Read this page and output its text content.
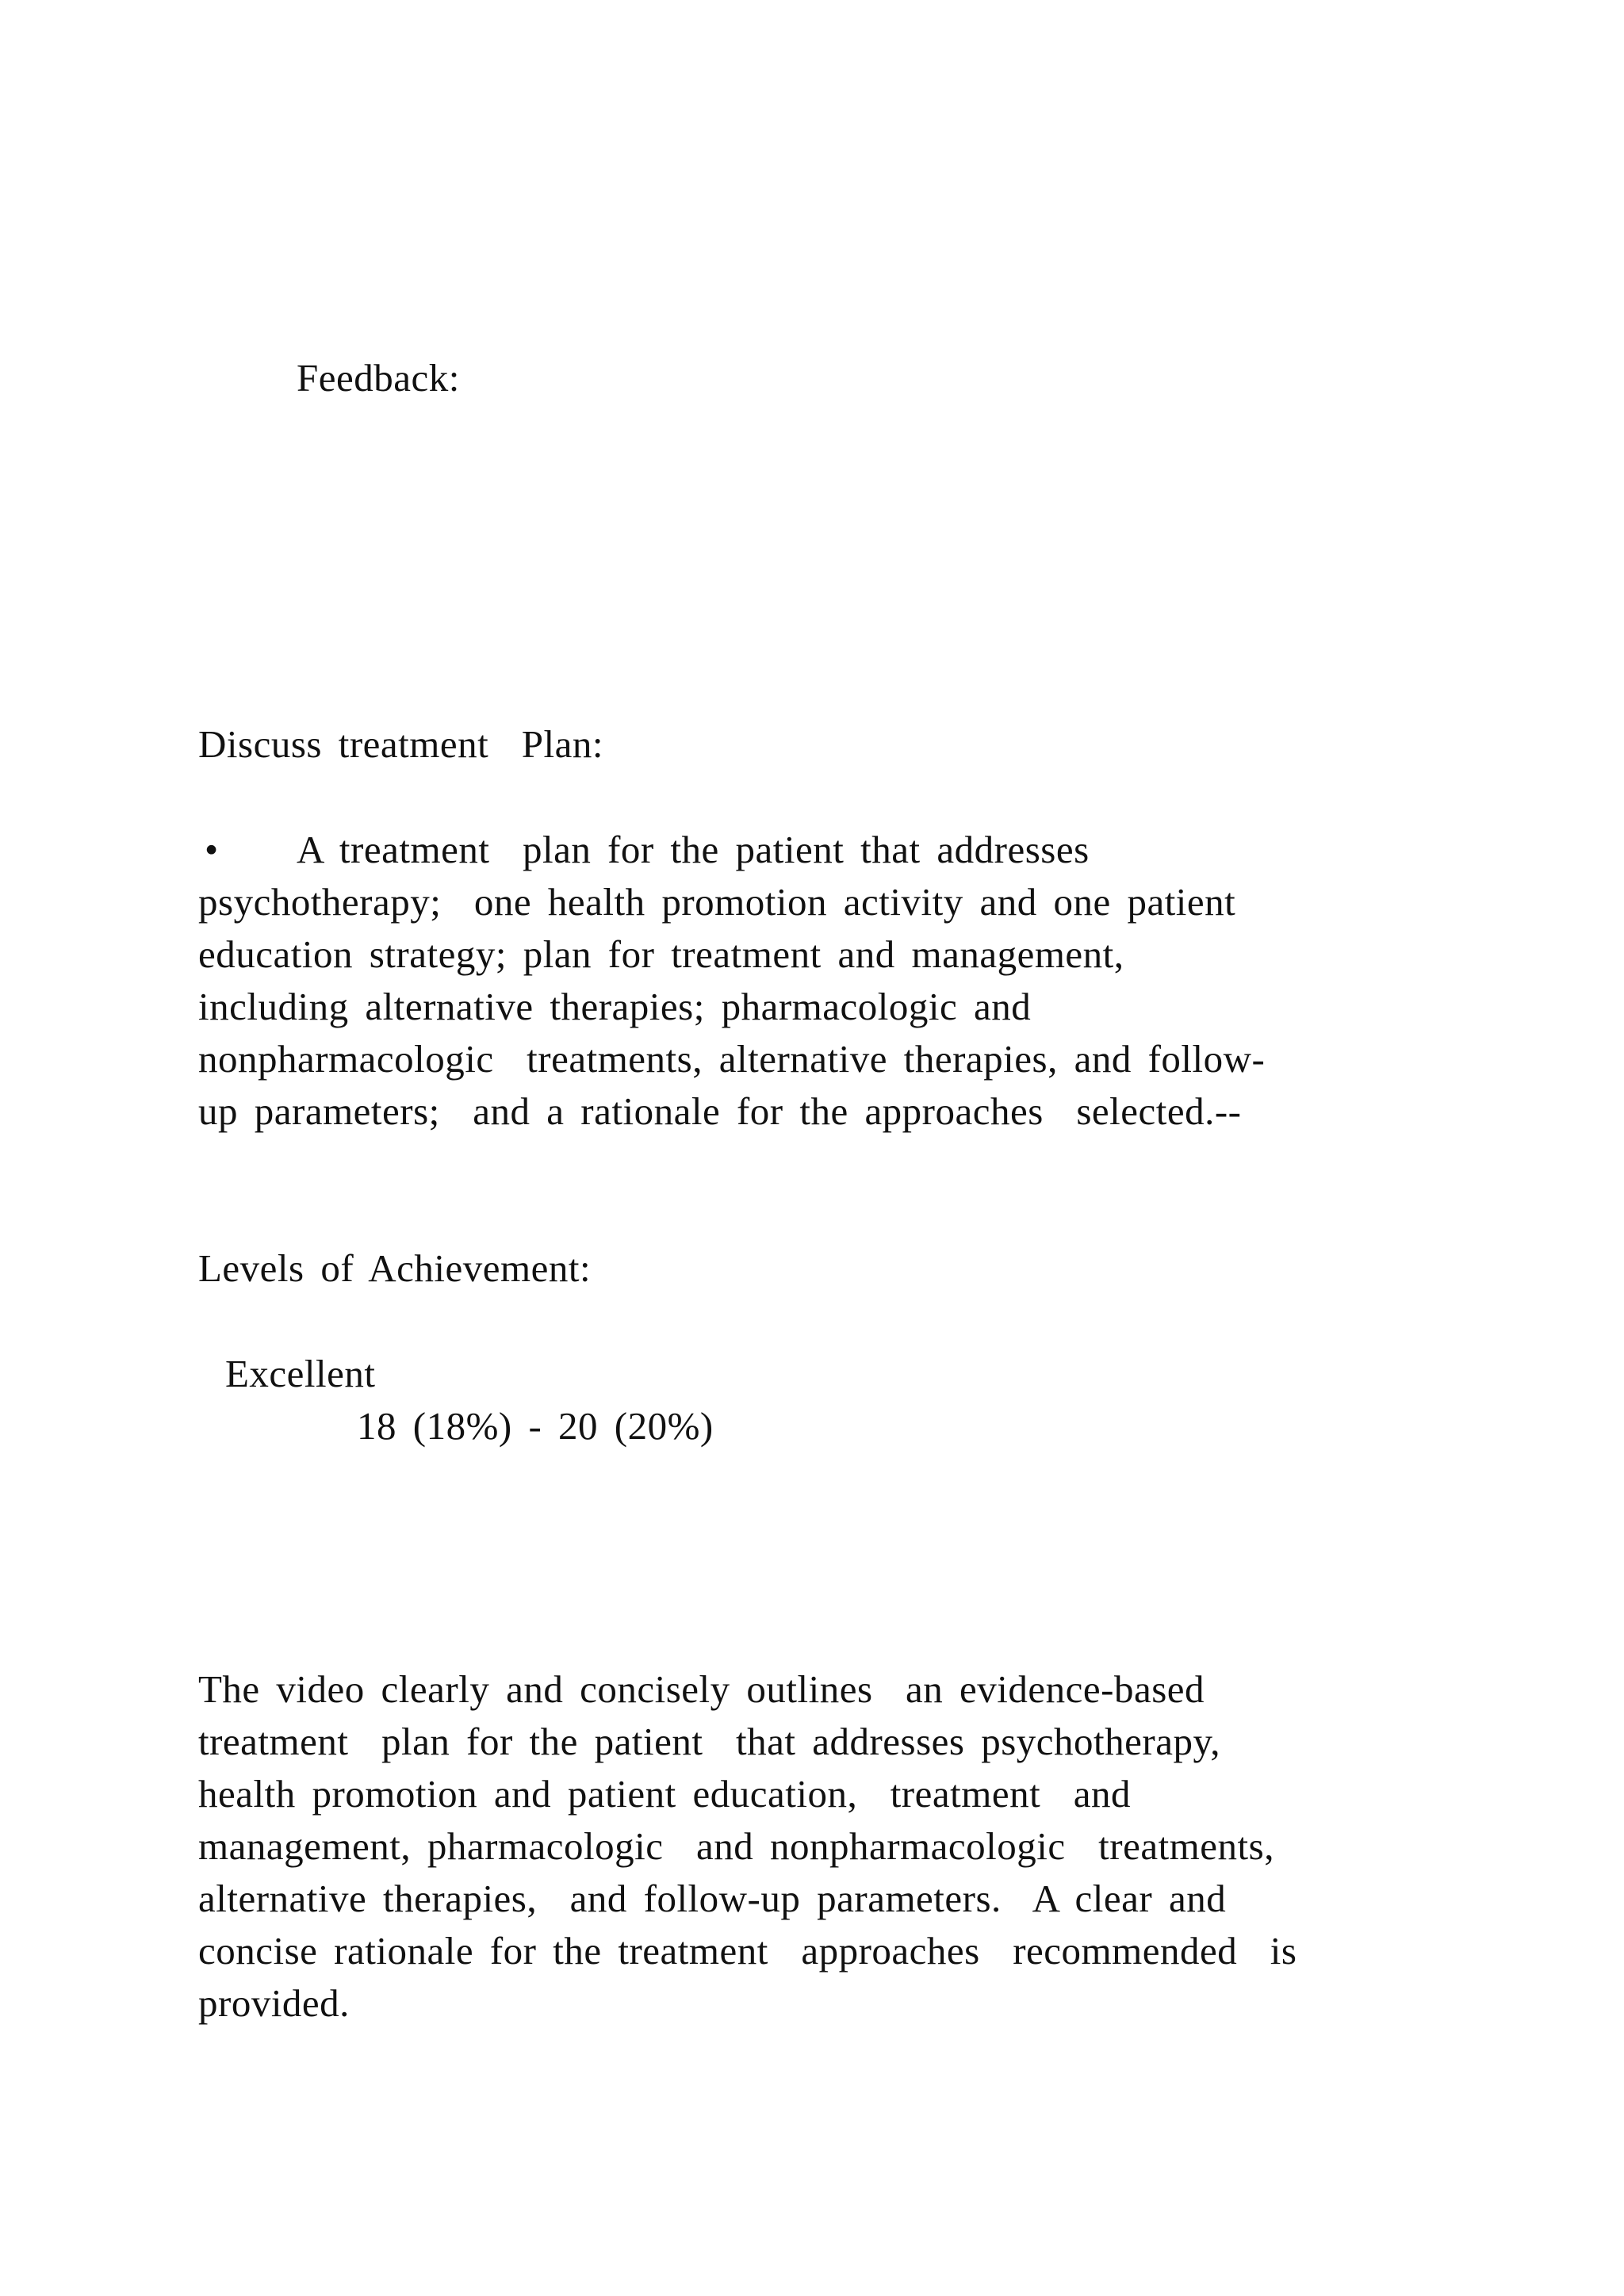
Feedback:
Discuss treatment  Plan:
• A treatment  plan for the patient that addresses
psychotherapy;  one health promotion activity and one patient
education strategy; plan for treatment and management,
including alternative therapies; pharmacologic and
nonpharmacologic  treatments, alternative therapies, and follow-
up parameters;  and a rationale for the approaches  selected.--
Levels of Achievement:
Excellent
18 (18%) - 20 (20%)
The video clearly and concisely outlines  an evidence-based
treatment  plan for the patient  that addresses psychotherapy,
health promotion and patient education,  treatment  and
management, pharmacologic  and nonpharmacologic  treatments,
alternative therapies,  and follow-up parameters.  A clear and
concise rationale for the treatment  approaches  recommended  is
provided.
